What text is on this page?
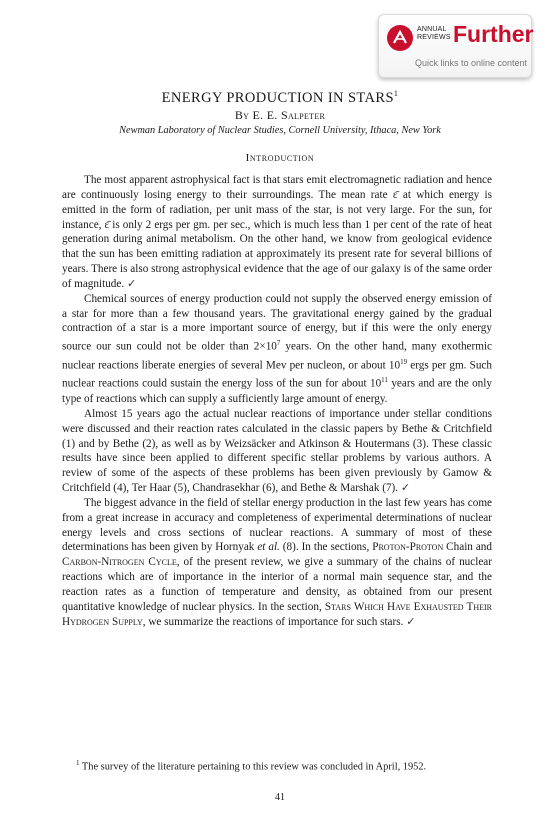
ANNUAL
REVIEWS Further
Quick links to online content
ENERGY PRODUCTION IN STARS$^1$
By E. E. Salpeter
Newman Laboratory of Nuclear Studies, Cornell University, Ithaca, New York
Introduction

The most apparent astrophysical fact is that stars emit electromagnetic radiation and hence are continuously losing energy to their surroundings. The mean rate ε̄ at which energy is emitted in the form of radiation, per unit mass of the star, is not very large. For the sun, for instance, ε̄ is only 2 ergs per gm. per sec., which is much less than 1 per cent of the rate of heat generation during animal metabolism. On the other hand, we know from geological evidence that the sun has been emitting radiation at approximately its present rate for several billions of years. There is also strong astrophysical evidence that the age of our galaxy is of the same order of magnitude. ✓

Chemical sources of energy production could not supply the observed energy emission of a star for more than a few thousand years. The gravitational energy gained by the gradual contraction of a star is a more important source of energy, but if this were the only energy source our sun could not be older than $2\times 10^7$ years. On the other hand, many exothermic nuclear reactions liberate energies of several Mev per nucleon, or about $10^{19}$ ergs per gm. Such nuclear reactions could sustain the energy loss of the sun for about $10^{11}$ years and are the only type of reactions which can supply a sufficiently large amount of energy.

Almost 15 years ago the actual nuclear reactions of importance under stellar conditions were discussed and their reaction rates calculated in the classic papers by Bethe & Critchfield (1) and by Bethe (2), as well as by Weizsäcker and Atkinson & Houtermans (3). These classic results have since been applied to different specific stellar problems by various authors. A review of some of the aspects of these problems has been given previously by Gamow & Critchfield (4), Ter Haar (5), Chandrasekhar (6), and Bethe & Marshak (7). ✓

The biggest advance in the field of stellar energy production in the last few years has come from a great increase in accuracy and completeness of experimental determinations of nuclear energy levels and cross sections of nuclear reactions. A summary of most of these determinations has been given by Hornyak et al. (8). In the sections, Proton-Proton Chain and Carbon-Nitrogen Cycle, of the present review, we give a summary of the chains of nuclear reactions which are of importance in the interior of a normal main sequence star, and the reaction rates as a function of temperature and density, as obtained from our present quantitative knowledge of nuclear physics. In the section, Stars Which Have Exhausted Their Hydrogen Supply, we summarize the reactions of importance for such stars. ✓

$^1$ The survey of the literature pertaining to this review was concluded in April, 1952.
41
